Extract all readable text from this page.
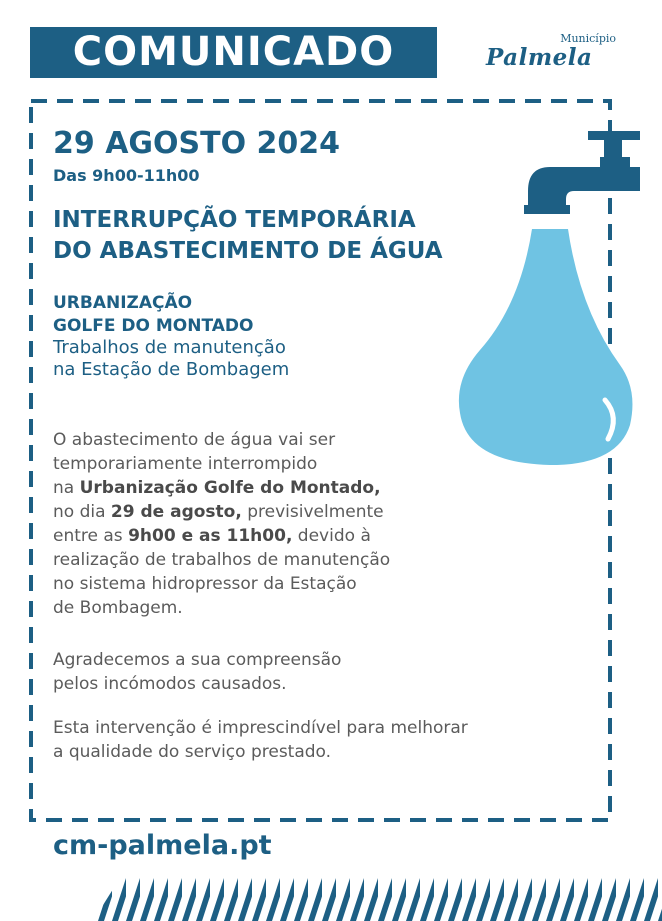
COMUNICADO	Município
Palmela
29 AGOSTO 2024
Das 9h00-11h00
INTERRUPÇÃO TEMPORÁRIA
DO ABASTECIMENTO DE ÁGUA
URBANIZAÇÃO
GOLFE DO MONTADO
Trabalhos de manutenção
na Estação de Bombagem
O abastecimento de água vai ser
temporariamente interrompido
na Urbanização Golfe do Montado,
no dia 29 de agosto, previsivelmente
entre as 9h00 e as 11h00, devido à
realização de trabalhos de manutenção
no sistema hidropressor da Estação
de Bombagem.
Agradecemos a sua compreensão
pelos incómodos causados.
Esta intervenção é imprescindível para melhorar
a qualidade do serviço prestado.
cm-palmela.pt
